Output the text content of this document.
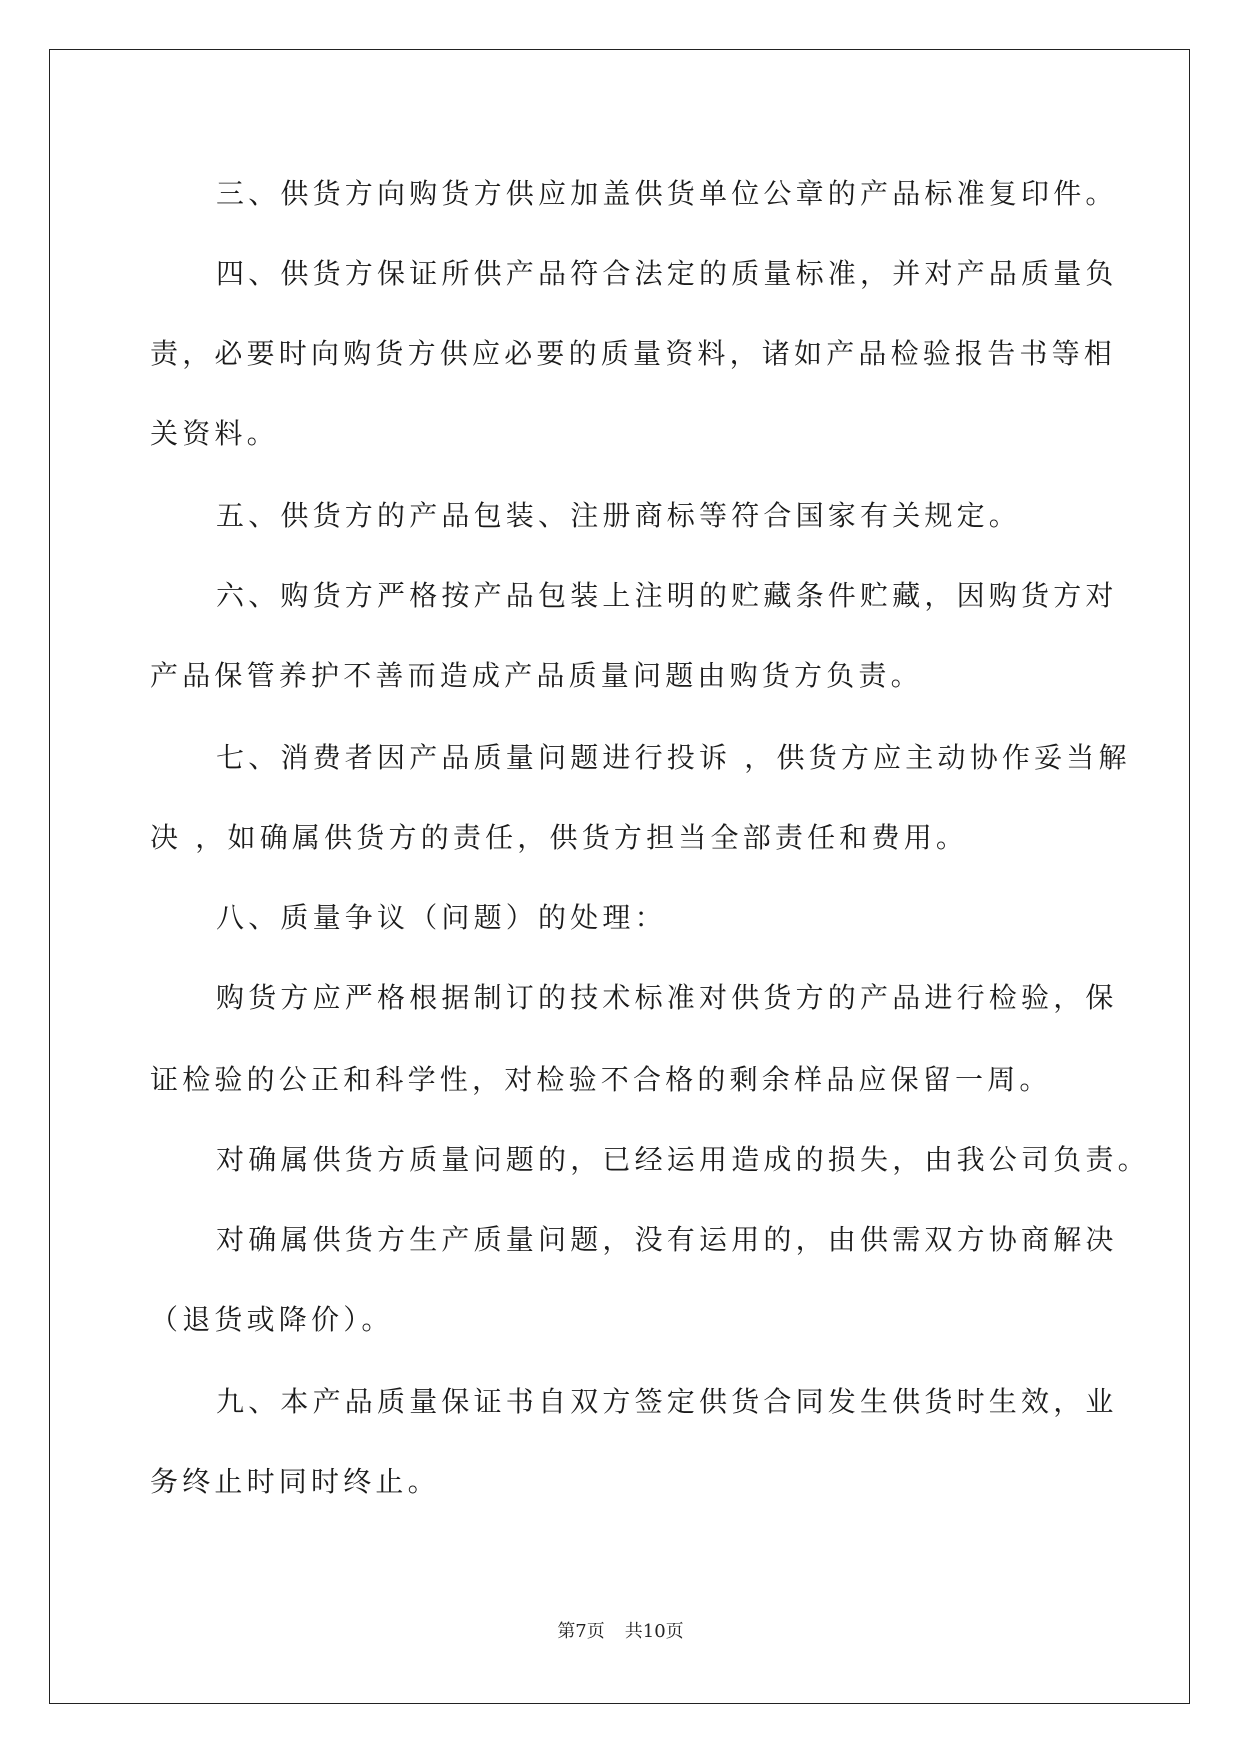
三、供货方向购货方供应加盖供货单位公章的产品标准复印件。
四、供货方保证所供产品符合法定的质量标准，并对产品质量负
责，必要时向购货方供应必要的质量资料，诸如产品检验报告书等相
关资料。
五、供货方的产品包装、注册商标等符合国家有关规定。
六、购货方严格按产品包装上注明的贮藏条件贮藏，因购货方对
产品保管养护不善而造成产品质量问题由购货方负责。
七、消费者因产品质量问题进行投诉 ，供货方应主动协作妥当解
决 ，如确属供货方的责任，供货方担当全部责任和费用。
八、质量争议（问题）的处理：
购货方应严格根据制订的技术标准对供货方的产品进行检验，保
证检验的公正和科学性，对检验不合格的剩余样品应保留一周。
对确属供货方质量问题的，已经运用造成的损失，由我公司负责。
对确属供货方生产质量问题，没有运用的，由供需双方协商解决
（退货或降价）。
九、本产品质量保证书自双方签定供货合同发生供货时生效，业
务终止时同时终止。
第7页 共10页
